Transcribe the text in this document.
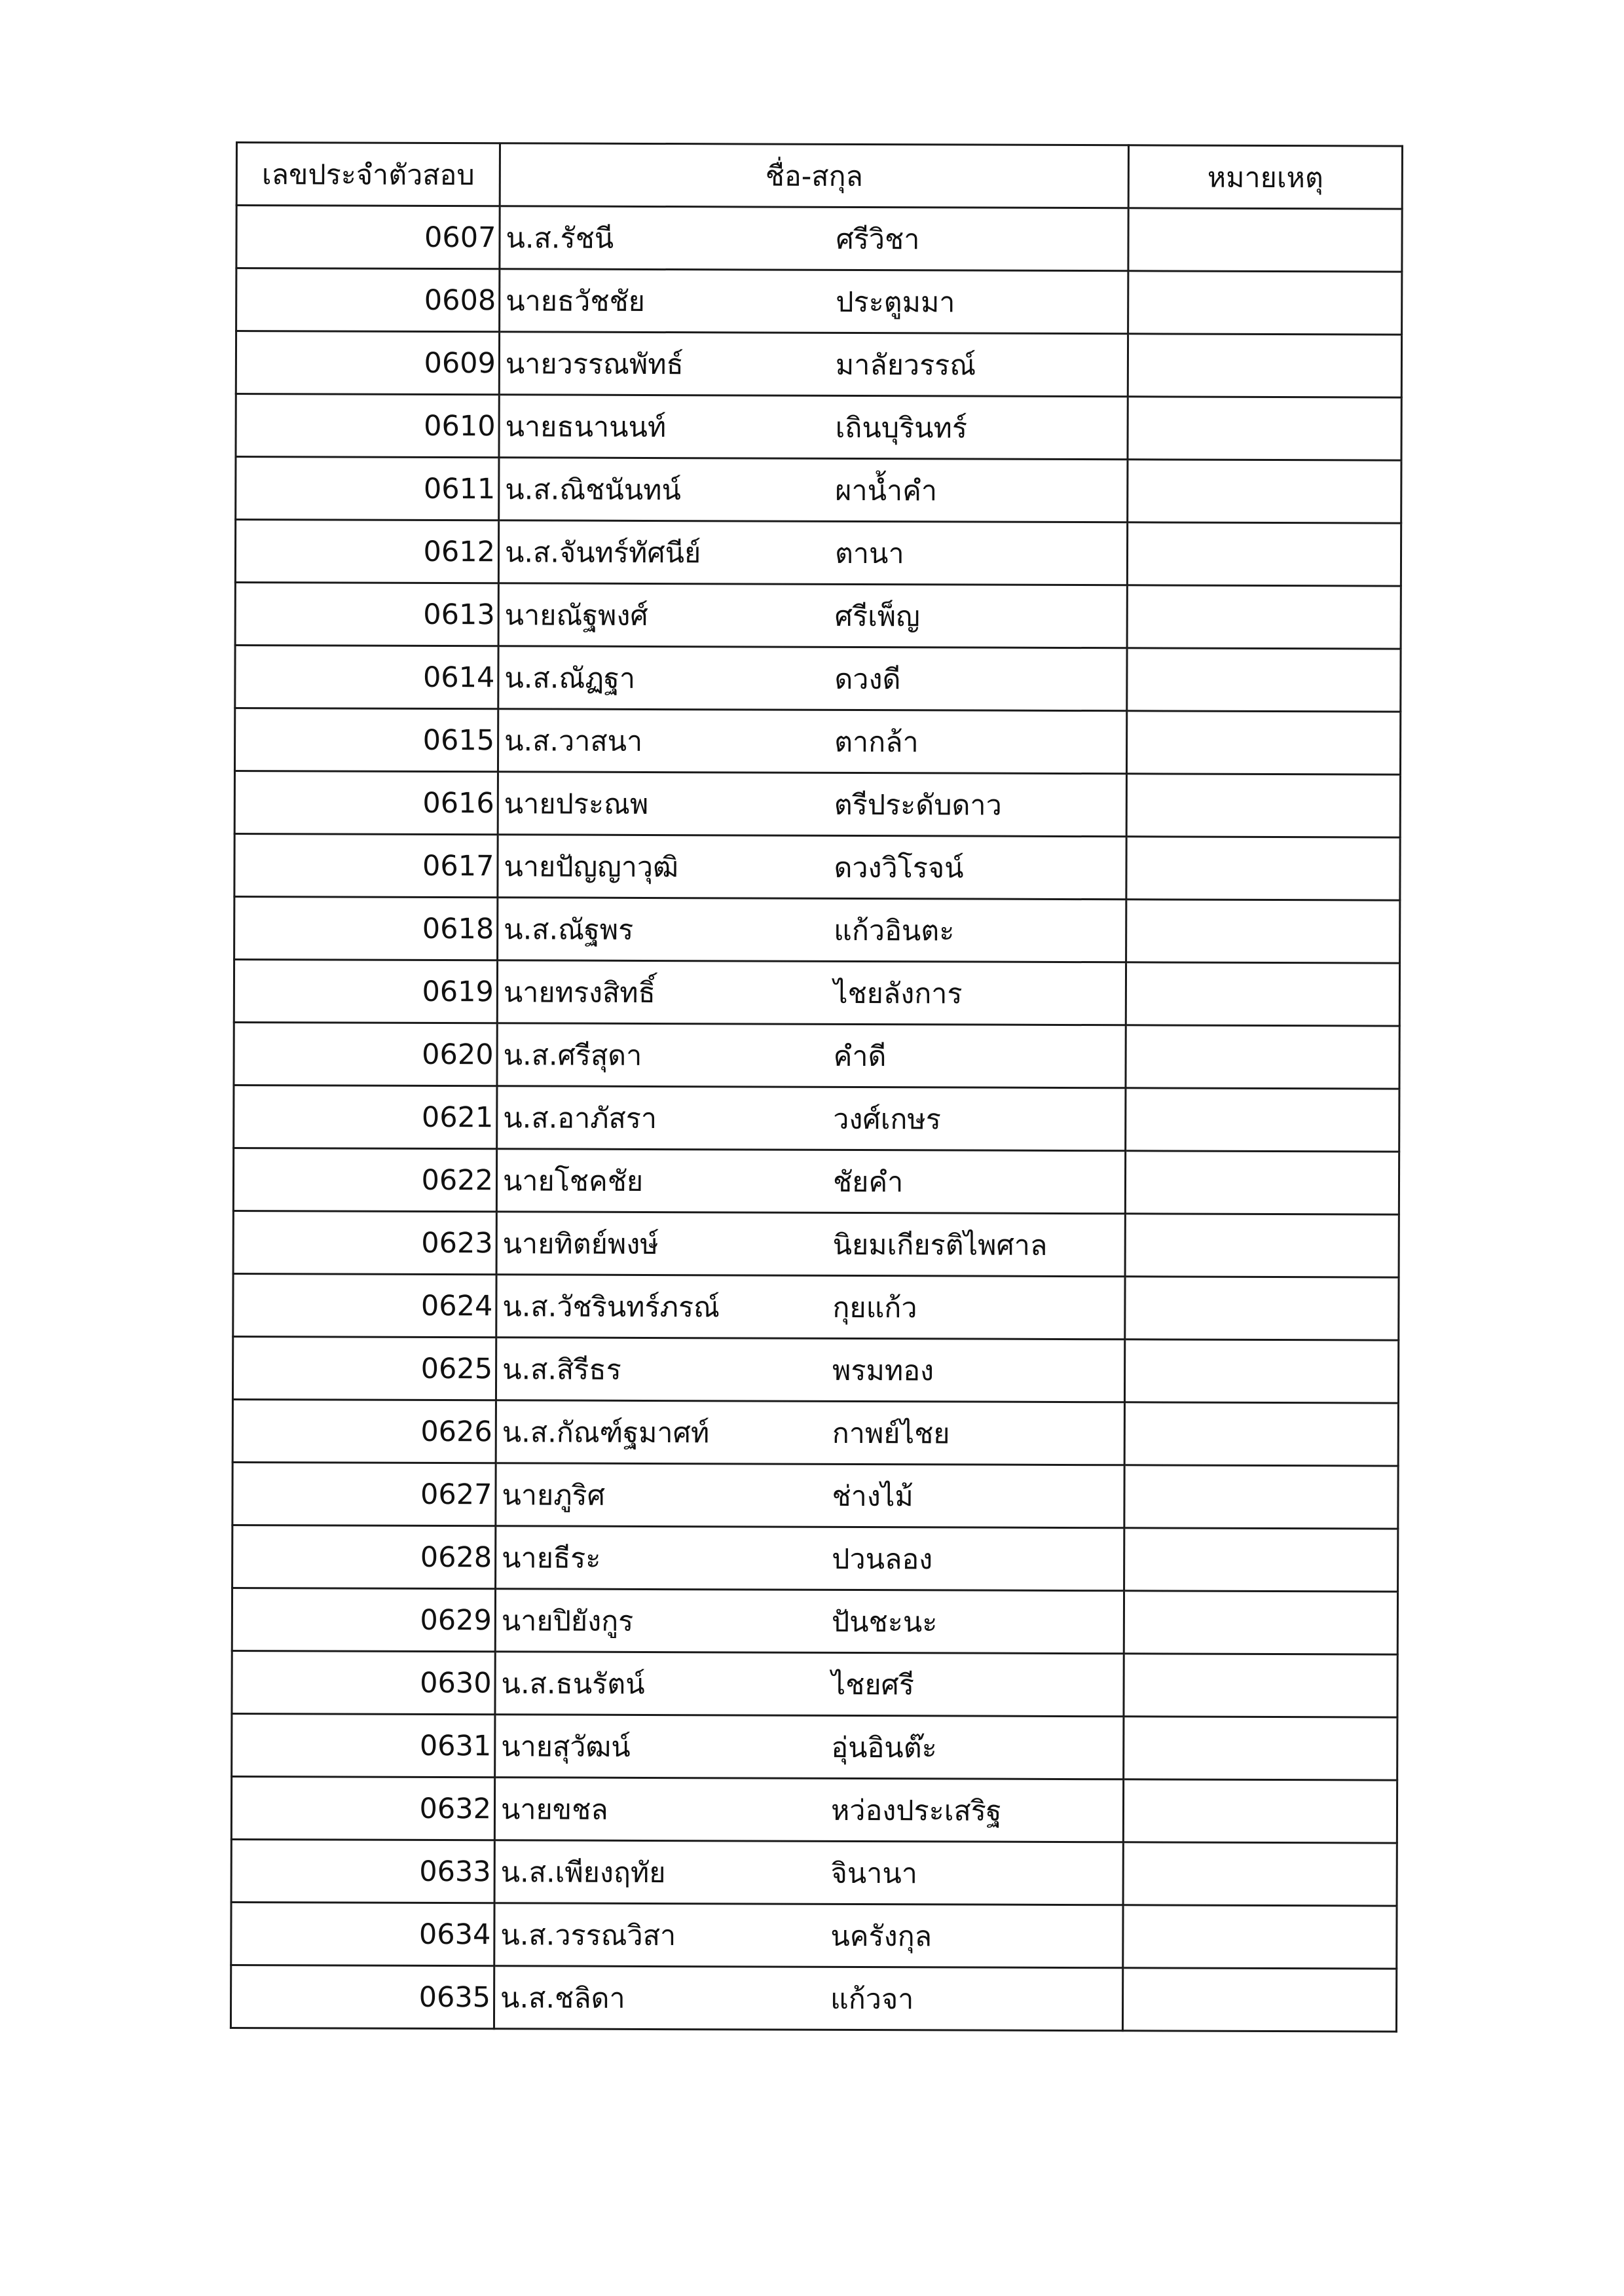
เลขประจำตัวสอบ	ชื่อ-สกุล	หมายเหตุ
0607	น.ส.รัชนี ศรีวิชา	

0608	นายธวัชชัย ประตูมมา	

0609	นายวรรณพัทธ์ มาลัยวรรณ์	

0610	นายธนานนท์ เถินบุรินทร์	

0611	น.ส.ณิชนันทน์ ผาน้ำคำ	

0612	น.ส.จันทร์ทัศนีย์ ตานา	

0613	นายณัฐพงศ์ ศรีเพ็ญ	

0614	น.ส.ณัฏฐา ดวงดี	

0615	น.ส.วาสนา ตากล้า	

0616	นายประณพ ตรีประดับดาว	

0617	นายปัญญาวุฒิ ดวงวิโรจน์	

0618	น.ส.ณัฐพร แก้วอินตะ	

0619	นายทรงสิทธิ์ ไชยลังการ	

0620	น.ส.ศรีสุดา คำดี	

0621	น.ส.อาภัสรา วงศ์เกษร	

0622	นายโชคชัย ชัยคำ	

0623	นายทิตย์พงษ์ นิยมเกียรติไพศาล	

0624	น.ส.วัชรินทร์ภรณ์ กุยแก้ว	

0625	น.ส.สิรีธร พรมทอง	

0626	น.ส.กัณฑ์ฐมาศท์ กาพย์ไชย	

0627	นายภูริศ ช่างไม้	

0628	นายธีระ ปวนลอง	

0629	นายปิยังกูร ปันชะนะ	

0630	น.ส.ธนรัตน์ ไชยศรี	

0631	นายสุวัฒน์ อุ่นอินต๊ะ	

0632	นายขชล หว่องประเสริฐ	

0633	น.ส.เพียงฤทัย จินานา	

0634	น.ส.วรรณวิสา นครังกุล	

0635	น.ส.ชลิดา แก้วจา	
